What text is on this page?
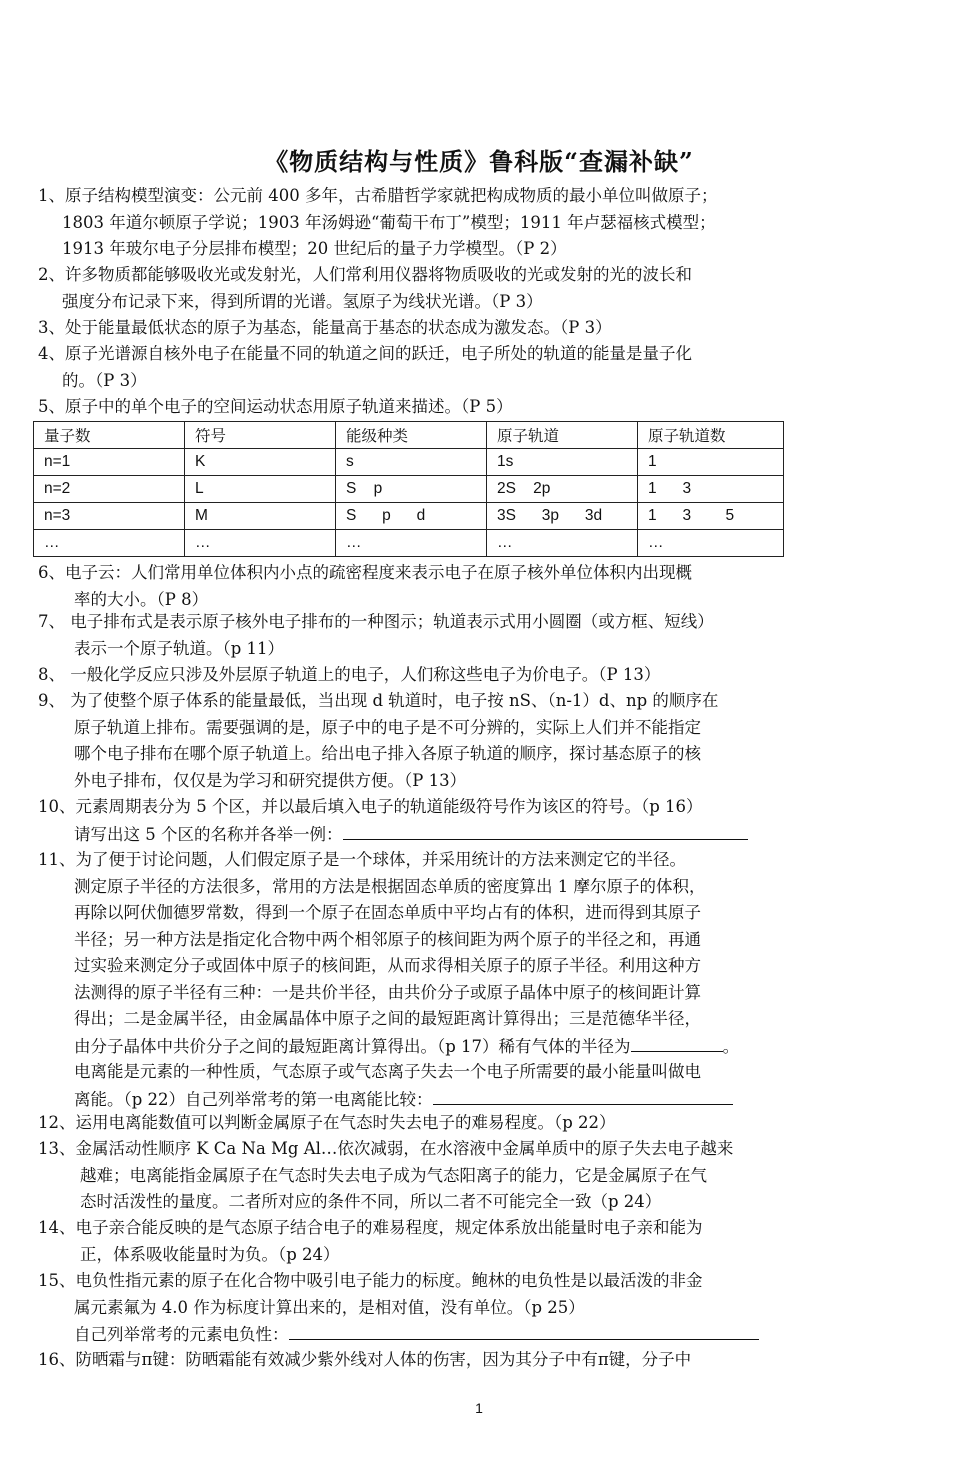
《物质结构与性质》鲁科版“查漏补缺”
1、原子结构模型演变：公元前 400 多年，古希腊哲学家就把构成物质的最小单位叫做原子；
1803 年道尔顿原子学说；1903 年汤姆逊“葡萄干布丁”模型；1911 年卢瑟福核式模型；
1913 年玻尔电子分层排布模型；20 世纪后的量子力学模型。（P 2）
2、许多物质都能够吸收光或发射光，人们常利用仪器将物质吸收的光或发射的光的波长和
强度分布记录下来，得到所谓的光谱。氢原子为线状光谱。（P 3）
3、处于能量最低状态的原子为基态，能量高于基态的状态成为激发态。（P 3）
4、原子光谱源自核外电子在能量不同的轨道之间的跃迁，电子所处的轨道的能量是量子化
的。（P 3）
5、原子中的单个电子的空间运动状态用原子轨道来描述。（P 5）
量子数	符号	能级种类	原子轨道	原子轨道数
n=1	K	s	1s	1
n=2	L	S    p	2S    2p	1      3
n=3	M	S      p      d	3S      3p      3d	1      3        5
…	…	…	…	…
6、电子云：人们常用单位体积内小点的疏密程度来表示电子在原子核外单位体积内出现概
率的大小。（P 8）
7、 电子排布式是表示原子核外电子排布的一种图示；轨道表示式用小圆圈（或方框、短线）
表示一个原子轨道。（p 11）
8、 一般化学反应只涉及外层原子轨道上的电子，人们称这些电子为价电子。（P 13）
9、 为了使整个原子体系的能量最低，当出现 d 轨道时，电子按 nS、（n-1）d、np 的顺序在
原子轨道上排布。需要强调的是，原子中的电子是不可分辨的，实际上人们并不能指定
哪个电子排布在哪个原子轨道上。给出电子排入各原子轨道的顺序，探讨基态原子的核
外电子排布，仅仅是为学习和研究提供方便。（P 13）
10、元素周期表分为 5 个区，并以最后填入电子的轨道能级符号作为该区的符号。（p 16）
请写出这 5 个区的名称并各举一例：
11、为了便于讨论问题，人们假定原子是一个球体，并采用统计的方法来测定它的半径。
测定原子半径的方法很多，常用的方法是根据固态单质的密度算出 1 摩尔原子的体积，
再除以阿伏伽德罗常数，得到一个原子在固态单质中平均占有的体积，进而得到其原子
半径；另一种方法是指定化合物中两个相邻原子的核间距为两个原子的半径之和，再通
过实验来测定分子或固体中原子的核间距，从而求得相关原子的原子半径。利用这种方
法测得的原子半径有三种：一是共价半径，由共价分子或原子晶体中原子的核间距计算
得出；二是金属半径，由金属晶体中原子之间的最短距离计算得出；三是范德华半径，
由分子晶体中共价分子之间的最短距离计算得出。（p 17）稀有气体的半径为	。
电离能是元素的一种性质，气态原子或气态离子失去一个电子所需要的最小能量叫做电
离能。（p 22）自己列举常考的第一电离能比较：
12、运用电离能数值可以判断金属原子在气态时失去电子的难易程度。（p 22）
13、金属活动性顺序 K Ca Na Mg Al…依次减弱，在水溶液中金属单质中的原子失去电子越来
越难；电离能指金属原子在气态时失去电子成为气态阳离子的能力，它是金属原子在气
态时活泼性的量度。二者所对应的条件不同，所以二者不可能完全一致（p 24）
14、电子亲合能反映的是气态原子结合电子的难易程度，规定体系放出能量时电子亲和能为
正，体系吸收能量时为负。（p 24）
15、电负性指元素的原子在化合物中吸引电子能力的标度。鲍林的电负性是以最活泼的非金
属元素氟为 4.0 作为标度计算出来的，是相对值，没有单位。（p 25）
自己列举常考的元素电负性：
16、防晒霜与π键：防晒霜能有效减少紫外线对人体的伤害，因为其分子中有π键，分子中
1
